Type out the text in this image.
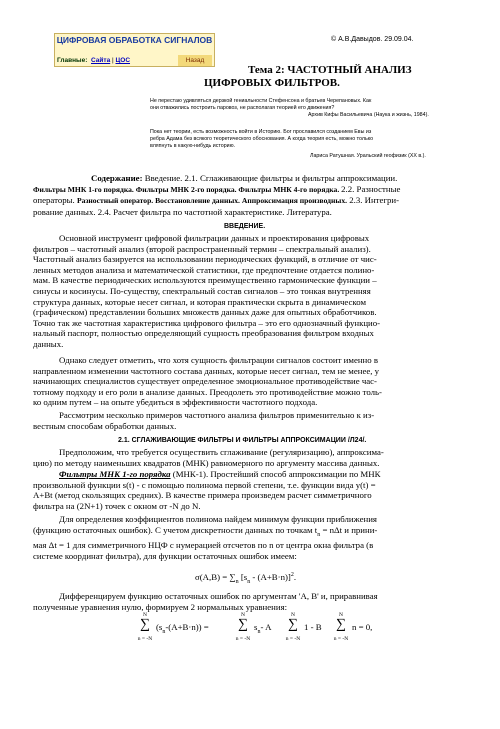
ЦИФРОВАЯ ОБРАБОТКА СИГНАЛОВ
Главные: Сайта | ЦОС	Назад
© А.В.Давыдов. 29.09.04.
Тема 2: ЧАСТОТНЫЙ АНАЛИЗ
ЦИФРОВЫХ ФИЛЬТРОВ.
Не перестаю удивляться дерзкой гениальности Стефенсона и братьев Черепановых. Как
они отважились построить паровоз, не располагая теорией его движения?
Архив Кифы Васильевича (Наука и жизнь, 1984).
Пока нет теории, есть возможность войти в Историю. Бог прославился созданием Евы из
ребра Адама без всякого теоретического обоснования. А когда теория есть, можно только
вляпнуть в какую-нибудь историю.
Лариса Ратушная. Уральский геофизик (XX в.).
Содержание: Введение. 2.1. Сглаживающие фильтры и фильтры аппроксимации.
Фильтры МНК 1-го порядка. Фильтры МНК 2-го порядка. Фильтры МНК 4-го порядка. 2.2. Разностные
операторы. Разностный оператор. Восстановление данных. Аппроксимация производных. 2.3. Интегри-
рование данных. 2.4. Расчет фильтра по частотной характеристике. Литература.
ВВЕДЕНИЕ.
Основной инструмент цифровой фильтрации данных и проектирования цифровых
фильтров – частотный анализ (второй распространенный термин – спектральный анализ).
Частотный анализ базируется на использовании периодических функций, в отличие от чис-
ленных методов анализа и математической статистики, где предпочтение отдается полино-
мам. В качестве периодических используются преимущественно гармонические функции –
синусы и косинусы. По-существу, спектральный состав сигналов – это тонкая внутренняя
структура данных, которые несет сигнал, и которая практически скрыта в динамическом
(графическом) представлении больших множеств данных даже для опытных обработчиков.
Точно так же частотная характеристика цифрового фильтра – это его однозначный функцио-
нальный паспорт, полностью определяющий сущность преобразования фильтром входных
данных.
Однако следует отметить, что хотя сущность фильтрации сигналов состоит именно в
направленном изменении частотного состава данных, которые несет сигнал, тем не менее, у
начинающих специалистов существует определенное эмоциональное противодействие час-
тотному подходу и его роли в анализе данных. Преодолеть это противодействие можно толь-
ко одним путем – на опыте убедиться в эффективности частотного подхода.
Рассмотрим несколько примеров частотного анализа фильтров применительно к из-
вестным способам обработки данных.
2.1. СГЛАЖИВАЮЩИЕ ФИЛЬТРЫ И ФИЛЬТРЫ АППРОКСИМАЦИИ /Л24/.
Предположим, что требуется осуществить сглаживание (регуляризацию), аппроксима-
цию) по методу наименьших квадратов (МНК) равномерного по аргументу массива данных.
Фильтры МНК 1-го порядка (МНК-1). Простейший способ аппроксимации по МНК
произвольной функции s(t) - с помощью полинома первой степени, т.е. функции вида y(t) =
A+Bt (метод скользящих средних). В качестве примера произведем расчет симметричного
фильтра на (2N+1) точек с окном от -N до N.
Для определения коэффициентов полинома найдем минимум функции приближения
(функцию остаточных ошибок). С учетом дискретности данных по точкам $t_n = n\Delta t$ и прини-
мая Δt = 1 для симметричного НЦФ с нумерацией отсчетов по n от центра окна фильтра (в
системе координат фильтра), для функции остаточных ошибок имеем:
$\sigma(A,B) = \sum_n$ $[s_n - (A+B\cdot n)]^2$.
Дифференцируем функцию остаточных ошибок по аргументам 'A, B' и, приравнивая
полученные уравнения нулю, формируем 2 нормальных уравнения:
N
∑
n = -N
$(s_n-(A+B\cdot n))$ =
N
∑
n = -N
$s_n-$ A
N
∑
n = -N
1 - B
N
∑
n = -N
n = 0,
